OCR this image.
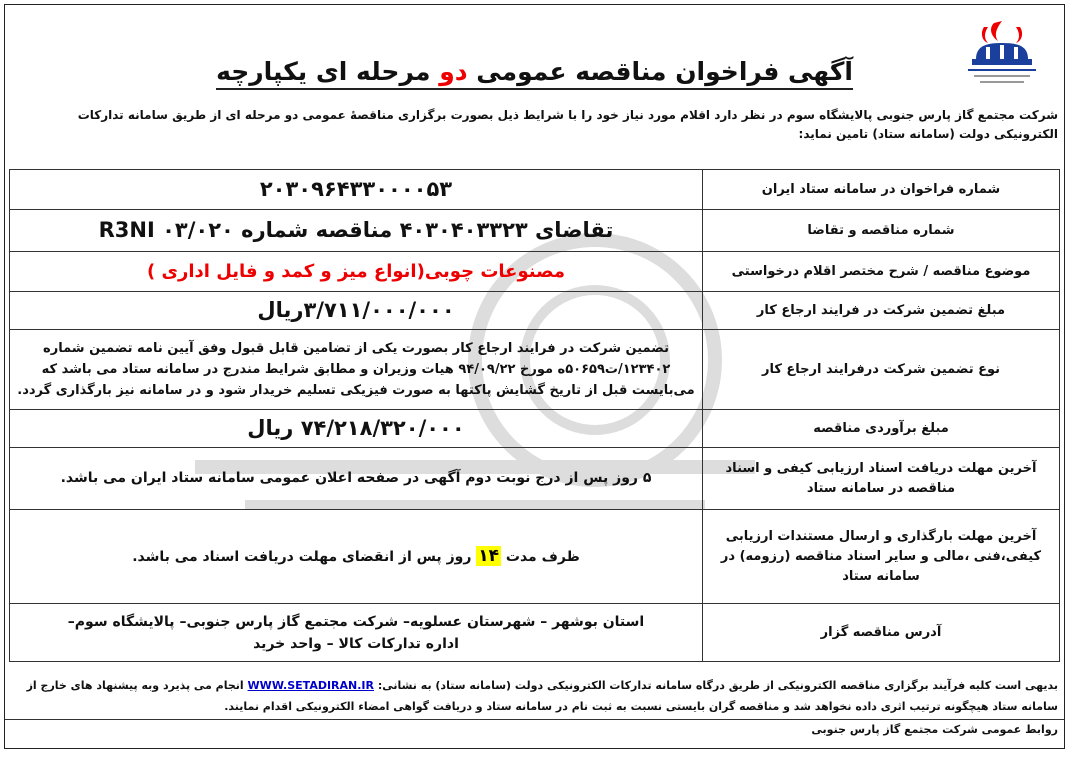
آگهی فراخوان مناقصه عمومی دو مرحله ای یکپارچه
شرکت مجتمع گاز پارس جنوبی پالایشگاه سوم در نظر دارد اقلام مورد نیاز خود را با شرایط ذیل بصورت برگزاری مناقصهٔ عمومی دو مرحله ای از طریق سامانه تدارکات الکترونیکی دولت (سامانه ستاد) تامین نماید:
شماره فراخوان در سامانه ستاد ایران	۲۰۳۰۹۶۴۳۳۰۰۰۰۵۳
شماره مناقصه و تقاضا	تقاضای ۴۰۳۰۴۰۳۳۲۳ مناقصه شماره R3NI ۰۳/۰۲۰
موضوع مناقصه / شرح مختصر اقلام درخواستی	مصنوعات چوبی(انواع میز و کمد و فایل اداری )
مبلغ تضمین شرکت در فرایند ارجاع کار	۳/۷۱۱/۰۰۰/۰۰۰ریال
نوع تضمین شرکت درفرایند ارجاع کار	تضمین شرکت در فرایند ارجاع کار بصورت یکی از تضامین قابل قبول وفق آیین نامه تضمین شماره ۱۲۳۴۰۲/ت۵۰۶۵۹ه مورخ ۹۴/۰۹/۲۲ هیات وزیران و مطابق شرایط مندرج در سامانه ستاد می باشد که می‌بایست قبل از تاریخ گشایش پاکتها به صورت فیزیکی تسلیم خریدار شود و در سامانه نیز بارگذاری گردد.
مبلغ برآوردی مناقصه	۷۴/۲۱۸/۳۲۰/۰۰۰ ریال
آخرین مهلت دریافت اسناد ارزیابی کیفی و اسناد مناقصه در سامانه ستاد	۵ روز پس از درج نوبت دوم آگهی در صفحه اعلان عمومی سامانه ستاد ایران می باشد.
آخرین مهلت بارگذاری و ارسال مستندات ارزیابی کیفی،فنی ،مالی و سایر اسناد مناقصه (رزومه) در سامانه ستاد	ظرف مدت ۱۴ روز پس از انقضای مهلت دریافت اسناد می باشد.
آدرس مناقصه گزار	استان بوشهر – شهرستان عسلویه– شرکت مجتمع گاز پارس جنوبی– پالایشگاه سوم–
اداره تدارکات کالا – واحد خرید
بدیهی است کلیه فرآیند برگزاری مناقصه الکترونیکی از طریق درگاه سامانه تدارکات الکترونیکی دولت (سامانه ستاد) به نشانی: WWW.SETADIRAN.IR انجام می پذیرد وبه پیشنهاد های خارج از سامانه ستاد هیچگونه ترتیب اثری داده نخواهد شد و مناقصه گران بایستی نسبت به ثبت نام در سامانه ستاد و دریافت گواهی امضاء الکترونیکی اقدام نمایند.
روابط عمومی شرکت مجتمع گاز پارس جنوبی
